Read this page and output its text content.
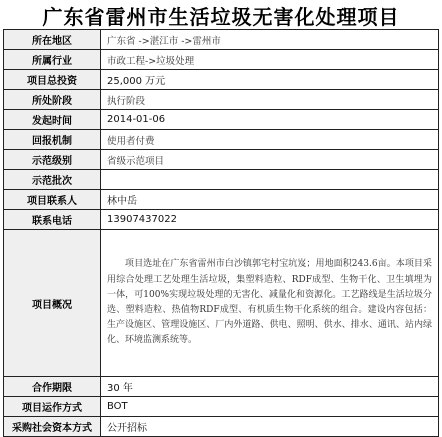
广东省雷州市生活垃圾无害化处理项目
所在地区	广东省 ->湛江市 ->雷州市
所属行业	市政工程->垃圾处理
项目总投资	25,000 万元
所处阶段	执行阶段
发起时间	2014-01-06
回报机制	使用者付费
示范级别	省级示范项目
示范批次	
项目联系人	林中岳
联系电话	13907437022
项目概况	项目选址在广东省雷州市白沙镇郭宅村宝坑岌；用地面积243.6亩。本项目采用综合处理工艺处理生活垃圾，集塑料造粒、RDF成型、生物干化、卫生填埋为一体，可100%实现垃圾处理的无害化、减量化和资源化。工艺路线是生活垃圾分选、塑料造粒、热值物RDF成型、有机质生物干化系统的组合。建设内容包括：生产设施区、管理设施区、厂内外道路、供电、照明、供水、排水、通讯、站内绿化、环境监测系统等。
合作期限	30 年
项目运作方式	BOT
采购社会资本方式	公开招标
